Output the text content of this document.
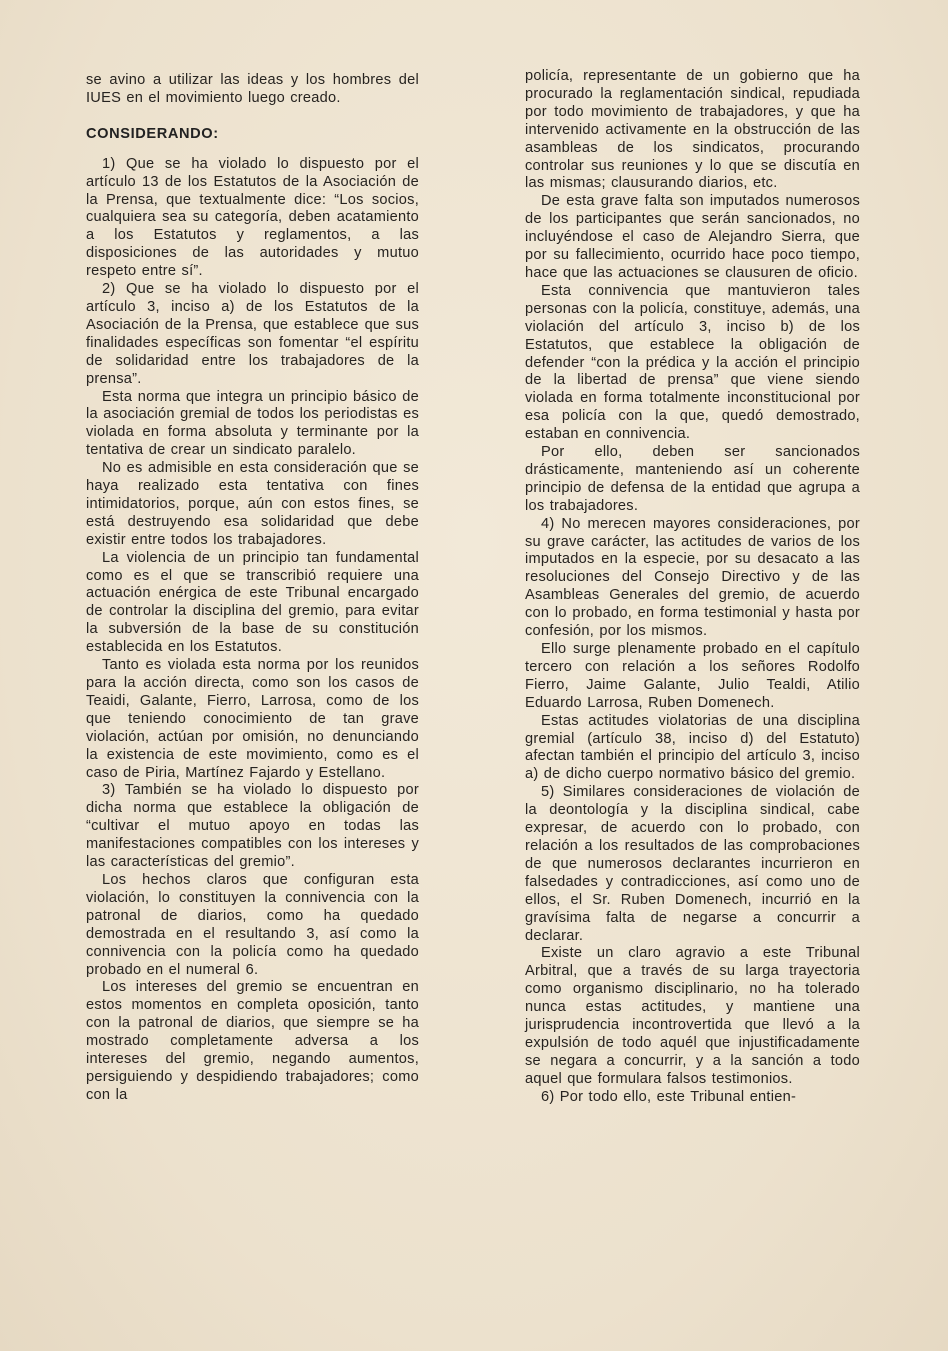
se avino a utilizar las ideas y los hombres del IUES en el movimiento luego creado.

CONSIDERANDO:

1) Que se ha violado lo dispuesto por el artículo 13 de los Estatutos de la Asociación de la Prensa, que textualmente dice: “Los socios, cualquiera sea su categoría, deben acatamiento a los Estatutos y reglamentos, a las disposiciones de las autoridades y mutuo respeto entre sí”.

2) Que se ha violado lo dispuesto por el artículo 3, inciso a) de los Estatutos de la Asociación de la Prensa, que establece que sus finalidades específicas son fomentar “el espíritu de solidaridad entre los trabajadores de la prensa”.

Esta norma que integra un principio básico de la asociación gremial de todos los periodistas es violada en forma absoluta y terminante por la tentativa de crear un sindicato paralelo.

No es admisible en esta consideración que se haya realizado esta tentativa con fines intimidatorios, porque, aún con estos fines, se está destruyendo esa solidaridad que debe existir entre todos los trabajadores.

La violencia de un principio tan fundamental como es el que se transcribió requiere una actuación enérgica de este Tribunal encargado de controlar la disciplina del gremio, para evitar la subversión de la base de su constitución establecida en los Estatutos.

Tanto es violada esta norma por los reunidos para la acción directa, como son los casos de Teaidi, Galante, Fierro, Larrosa, como de los que teniendo conocimiento de tan grave violación, actúan por omisión, no denunciando la existencia de este movimiento, como es el caso de Piria, Martínez Fajardo y Estellano.

3) También se ha violado lo dispuesto por dicha norma que establece la obligación de “cultivar el mutuo apoyo en todas las manifestaciones compatibles con los intereses y las características del gremio”.

Los hechos claros que configuran esta violación, lo constituyen la connivencia con la patronal de diarios, como ha quedado demostrada en el resultando 3, así como la connivencia con la policía como ha quedado probado en el numeral 6.

Los intereses del gremio se encuentran en estos momentos en completa oposición, tanto con la patronal de diarios, que siempre se ha mostrado completamente adversa a los intereses del gremio, negando aumentos, persiguiendo y despidiendo trabajadores; como con la

policía, representante de un gobierno que ha procurado la reglamentación sindical, repudiada por todo movimiento de trabajadores, y que ha intervenido activamente en la obstrucción de las asambleas de los sindicatos, procurando controlar sus reuniones y lo que se discutía en las mismas; clausurando diarios, etc.

De esta grave falta son imputados numerosos de los participantes que serán sancionados, no incluyéndose el caso de Alejandro Sierra, que por su fallecimiento, ocurrido hace poco tiempo, hace que las actuaciones se clausuren de oficio.

Esta connivencia que mantuvieron tales personas con la policía, constituye, además, una violación del artículo 3, inciso b) de los Estatutos, que establece la obligación de defender “con la prédica y la acción el principio de la libertad de prensa” que viene siendo violada en forma totalmente inconstitucional por esa policía con la que, quedó demostrado, estaban en connivencia.

Por ello, deben ser sancionados drásticamente, manteniendo así un coherente principio de defensa de la entidad que agrupa a los trabajadores.

4) No merecen mayores consideraciones, por su grave carácter, las actitudes de varios de los imputados en la especie, por su desacato a las resoluciones del Consejo Directivo y de las Asambleas Generales del gremio, de acuerdo con lo probado, en forma testimonial y hasta por confesión, por los mismos.

Ello surge plenamente probado en el capítulo tercero con relación a los señores Rodolfo Fierro, Jaime Galante, Julio Tealdi, Atilio Eduardo Larrosa, Ruben Domenech.

Estas actitudes violatorias de una disciplina gremial (artículo 38, inciso d) del Estatuto) afectan también el principio del artículo 3, inciso a) de dicho cuerpo normativo básico del gremio.

5) Similares consideraciones de violación de la deontología y la disciplina sindical, cabe expresar, de acuerdo con lo probado, con relación a los resultados de las comprobaciones de que numerosos declarantes incurrieron en falsedades y contradicciones, así como uno de ellos, el Sr. Ruben Domenech, incurrió en la gravísima falta de negarse a concurrir a declarar.

Existe un claro agravio a este Tribunal Arbitral, que a través de su larga trayectoria como organismo disciplinario, no ha tolerado nunca estas actitudes, y mantiene una jurisprudencia incontrovertida que llevó a la expulsión de todo aquél que injustificadamente se negara a concurrir, y a la sanción a todo aquel que formulara falsos testimonios.

6) Por todo ello, este Tribunal entien-
